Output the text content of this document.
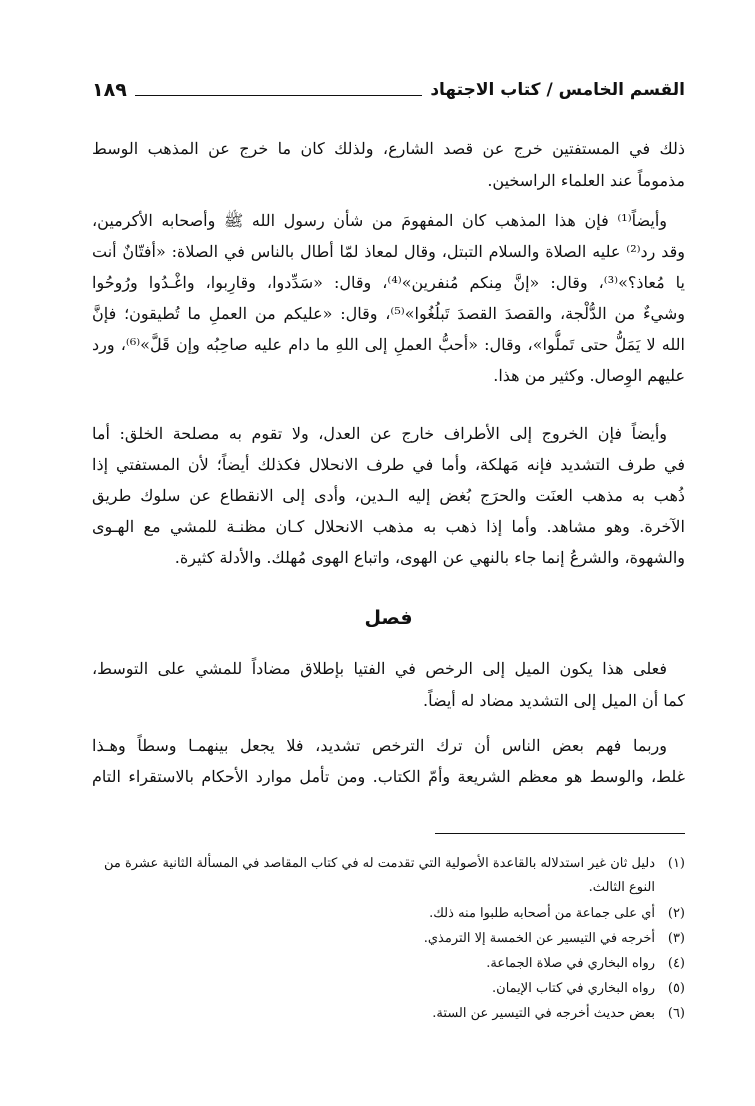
القسم الخامس / كتاب الاجتهاد
١٨٩
ذلك في المستفتين خرج عن قصد الشارع، ولذلك كان ما خرج عن المذهب الوسط
مذموماً عند العلماء الراسخين.
وأيضاً⁽¹⁾ فإن هذا المذهب كان المفهومَ من شأن رسول الله ﷺ وأصحابه الأكرمين،
وقد رد⁽²⁾ عليه الصلاة والسلام التبتل، وقال لمعاذ لمّا أطال بالناس في الصلاة: «أفتّانٌ أنت
يا مُعاذ؟»⁽³⁾، وقال: «إنَّ مِنكم مُنفرين»⁽⁴⁾، وقال: «سَدِّدوا، وقارِبوا، واغْـدُوا ورُوحُوا
وشيءٌ من الدُّلْجة، والقصدَ القصدَ تَبلُغُوا»⁽⁵⁾، وقال: «عليكم من العملِ ما تُطيقون؛ فإنَّ
الله لا يَمَلُّ حتى تَملُّوا»، وقال: «أحبُّ العملِ إلى اللهِ ما دام عليه صاحِبُه وإن قَلَّ»⁽⁶⁾، ورد
عليهم الوِصال. وكثير من هذا.
وأيضاً فإن الخروج إلى الأطراف خارج عن العدل، ولا تقوم به مصلحة الخلق: أما
في طرف التشديد فإنه مَهلكة، وأما في طرف الانحلال فكذلك أيضاً؛ لأن المستفتي إذا
ذُهب به مذهب العنَت والحرَج بُغض إليه الـدين، وأدى إلى الانقطاع عن سلوك طريق
الآخرة. وهو مشاهد. وأما إذا ذهب به مذهب الانحلال كـان مظنـة للمشي مع الهـوى
والشهوة، والشرعُ إنما جاء بالنهي عن الهوى، واتباع الهوى مُهلك. والأدلة كثيرة.
فصل
فعلى هذا يكون الميل إلى الرخص في الفتيا بإطلاق مضاداً للمشي على التوسط،
كما أن الميل إلى التشديد مضاد له أيضاً.
وربما فهم بعض الناس أن ترك الترخص تشديد، فلا يجعل بينهمـا وسطاً وهـذا
غلط، والوسط هو معظم الشريعة وأمّ الكتاب. ومن تأمل موارد الأحكام بالاستقراء التام
(١)
دليل ثان غير استدلاله بالقاعدة الأصولية التي تقدمت له في كتاب المقاصد في المسألة الثانية عشرة من
النوع الثالث.
(٢)
أي على جماعة من أصحابه طلبوا منه ذلك.
(٣)
أخرجه في التيسير عن الخمسة إلا الترمذي.
(٤)
رواه البخاري في صلاة الجماعة.
(٥)
رواه البخاري في كتاب الإيمان.
(٦)
بعض حديث أخرجه في التيسير عن الستة.
